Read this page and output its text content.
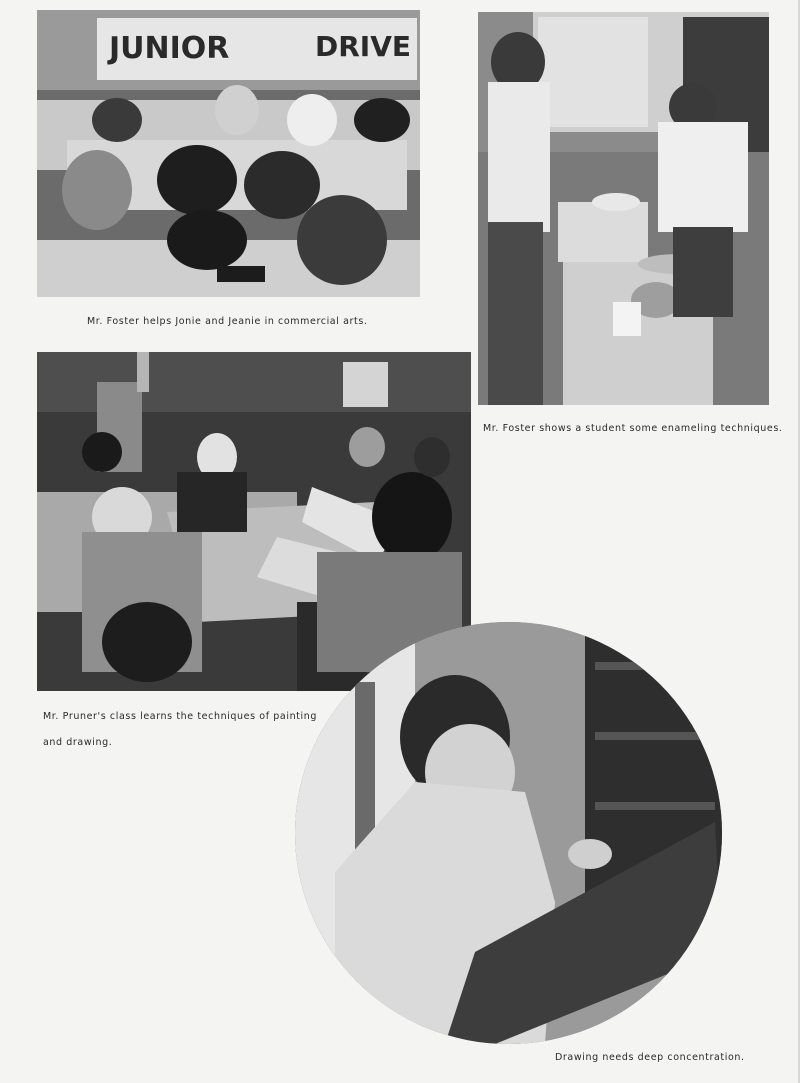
JUNIOR	DRIVE
Mr. Foster helps Jonie and Jeanie in commercial arts.
Mr. Foster shows a student some enameling techniques.
Mr. Pruner's class learns the techniques of painting
and drawing.
Drawing needs deep concentration.
